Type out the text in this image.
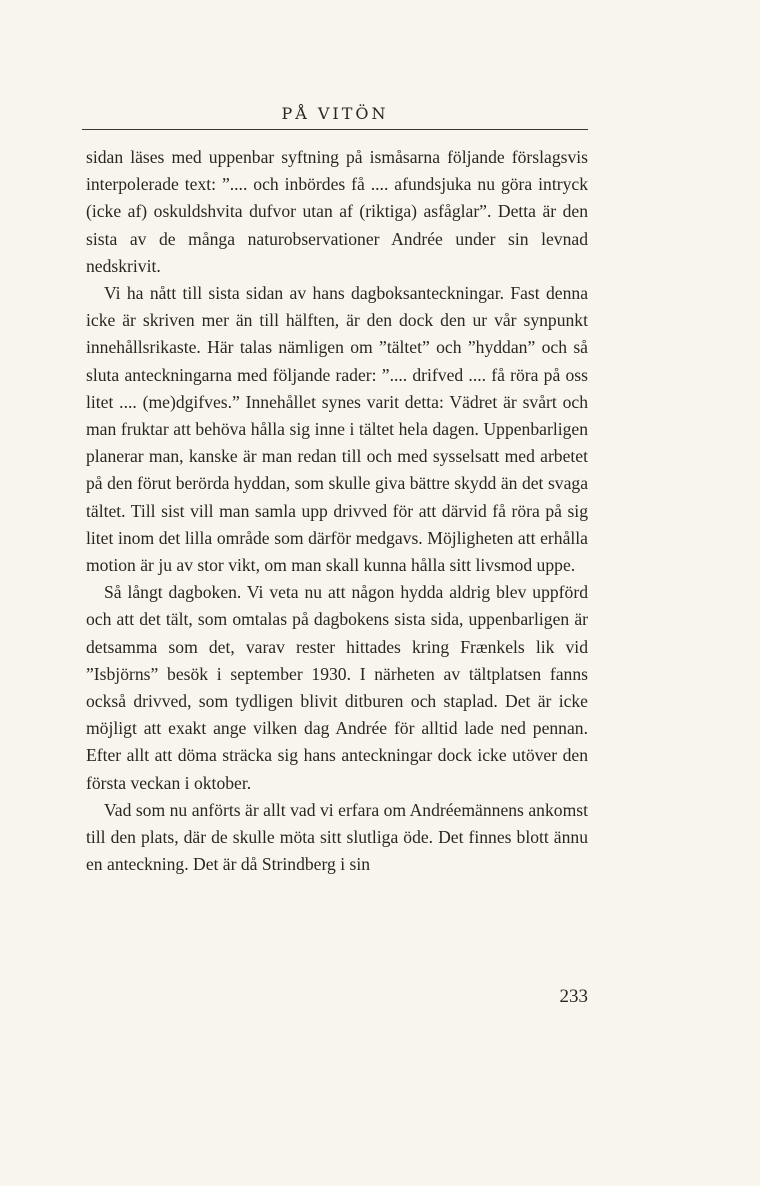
PÅ VITÖN

sidan läses med uppenbar syftning på ismåsarna följande förslagsvis interpolerade text: ”.... och inbördes få .... afundsjuka nu göra intryck (icke af) oskuldshvita dufvor utan af (riktiga) asfåglar”. Detta är den sista av de många naturobservationer Andrée under sin levnad nedskrivit.

Vi ha nått till sista sidan av hans dagboksanteckningar. Fast denna icke är skriven mer än till hälften, är den dock den ur vår synpunkt innehållsrikaste. Här talas nämligen om ”tältet” och ”hyddan” och så sluta anteckningarna med följande rader: ”.... drifved .... få röra på oss litet .... (me)dgifves.” Innehållet synes varit detta: Vädret är svårt och man fruktar att behöva hålla sig inne i tältet hela dagen. Uppenbarligen planerar man, kanske är man redan till och med sysselsatt med arbetet på den förut berörda hyddan, som skulle giva bättre skydd än det svaga tältet. Till sist vill man samla upp drivved för att därvid få röra på sig litet inom det lilla område som därför medgavs. Möjligheten att erhålla motion är ju av stor vikt, om man skall kunna hålla sitt livsmod uppe.

Så långt dagboken. Vi veta nu att någon hydda aldrig blev uppförd och att det tält, som omtalas på dagbokens sista sida, uppenbarligen är detsamma som det, varav rester hittades kring Frænkels lik vid ”Isbjörns” besök i september 1930. I närheten av tältplatsen fanns också drivved, som tydligen blivit ditburen och staplad. Det är icke möjligt att exakt ange vilken dag Andrée för alltid lade ned pennan. Efter allt att döma sträcka sig hans anteckningar dock icke utöver den första veckan i oktober.

Vad som nu anförts är allt vad vi erfara om Andréemännens ankomst till den plats, där de skulle möta sitt slutliga öde. Det finnes blott ännu en anteckning. Det är då Strindberg i sin

233
